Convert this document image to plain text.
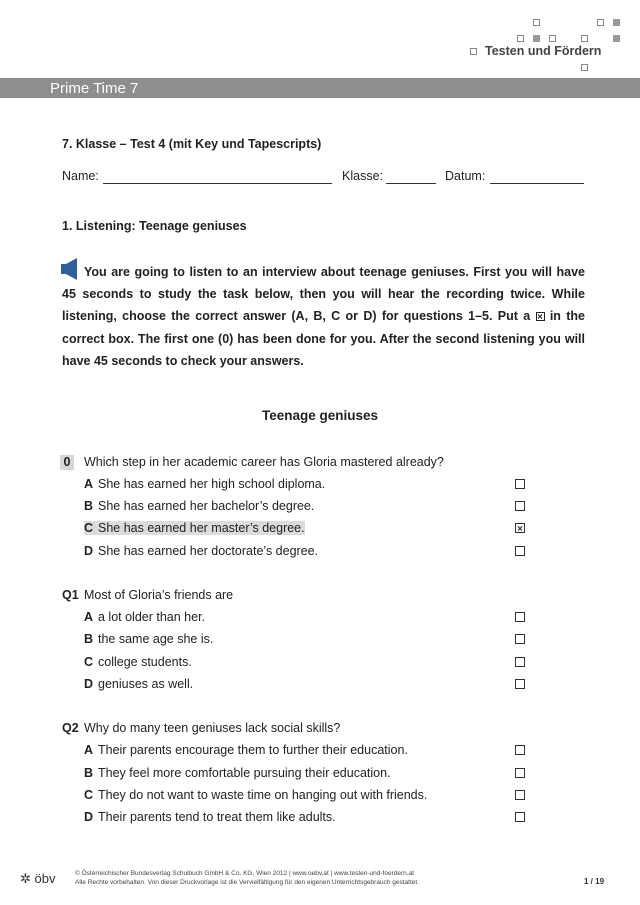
Testen und Fördern
Prime Time 7
7. Klasse – Test 4 (mit Key und Tapescripts)
Name:	Klasse:	Datum:
1. Listening: Teenage geniuses
You are going to listen to an interview about teenage geniuses. First you will have 45 seconds to study the task below, then you will hear the recording twice. While listening, choose the correct answer (A, B, C or D) for questions 1–5. Put a in the correct box. The first one (0) has been done for you. After the second listening you will have 45 seconds to check your answers.
Teenage geniuses
0 Which step in her academic career has Gloria mastered already?
A She has earned her high school diploma.
B She has earned her bachelor’s degree.
C She has earned her master’s degree.
D She has earned her doctorate’s degree.
Q1 Most of Gloria’s friends are
A a lot older than her.
B the same age she is.
C college students.
D geniuses as well.
Q2 Why do many teen geniuses lack social skills?
A Their parents encourage them to further their education.
B They feel more comfortable pursuing their education.
C They do not want to waste time on hanging out with friends.
D Their parents tend to treat them like adults.
✲ öbv	© Österreichischer Bundesverlag Schulbuch GmbH & Co. KG, Wien 2012 | www.oebv.at | www.testen-und-foerdern.at
Alle Rechte vorbehalten. Von dieser Druckvorlage ist die Vervielfältigung für den eigenen Unterrichtsgebrauch gestattet.	1 / 19
